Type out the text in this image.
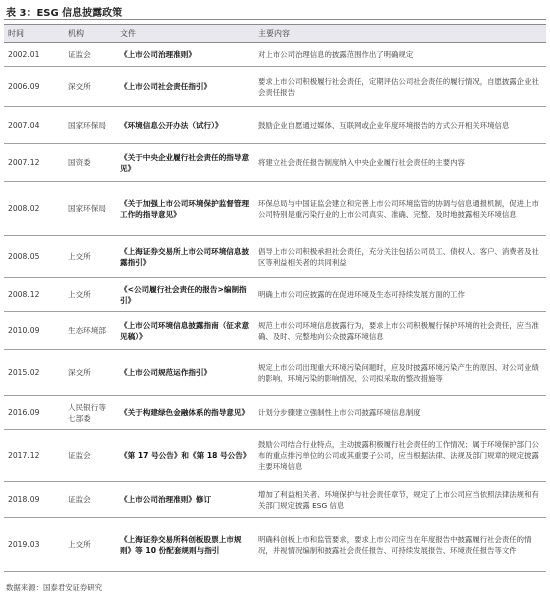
表 3：ESG 信息披露政策
时间	机构	文件	主要内容
2002.01	证监会	《上市公司治理准则》	对上市公司治理信息的披露范围作出了明确规定
2006.09	深交所	《上市公司社会责任指引》	要求上市公司积极履行社会责任，定期评估公司社会责任的履行情况，自愿披露企业社会责任报告
2007.04	国家环保局	《环境信息公开办法（试行）》	鼓励企业自愿通过媒体、互联网或企业年度环境报告的方式公开相关环境信息
2007.12	国资委	《关于中央企业履行社会责任的指导意见》	将建立社会责任报告制度纳入中央企业履行社会责任的主要内容
2008.02	国家环保局	《关于加强上市公司环境保护监督管理工作的指导意见》	环保总局与中国证监会建立和完善上市公司环境监管的协调与信息通报机制，促进上市公司特别是重污染行业的上市公司真实、准确、完整、及时地披露相关环境信息
2008.05	上交所	《上海证券交易所上市公司环境信息披露指引》	倡导上市公司积极承担社会责任，充分关注包括公司员工、债权人、客户、消费者及社区等利益相关者的共同利益
2008.12	上交所	《<公司履行社会责任的报告>编制指引》	明确上市公司应披露的在促进环境及生态可持续发展方面的工作
2010.09	生态环境部	《上市公司环境信息披露指南（征求意见稿）》	规范上市公司环境信息披露行为，要求上市公司积极履行保护环境的社会责任，应当准确、及时、完整地向公众披露环境信息
2015.02	深交所	《上市公司规范运作指引》	规定上市公司出现重大环境污染问题时，应及时披露环境污染产生的原因、对公司业绩的影响、环境污染的影响情况、公司拟采取的整改措施等
2016.09	人民银行等七部委	《关于构建绿色金融体系的指导意见》	计划分步骤建立强制性上市公司披露环境信息制度
2017.12	证监会	《第 17 号公告》和《第 18 号公告》	鼓励公司结合行业特点，主动披露积极履行社会责任的工作情况；属于环境保护部门公布的重点排污单位的公司或其重要子公司，应当根据法律、法规及部门规章的规定披露主要环境信息
2018.09	证监会	《上市公司治理准则》修订	增加了利益相关者、环境保护与社会责任章节，规定了上市公司应当依照法律法规和有关部门规定披露 ESG 信息
2019.03	上交所	《上海证券交易所科创板股票上市规则》等 10 份配套规则与指引	明确科创板上市和监管要求，要求上市公司应当在年度报告中披露履行社会责任的情况，并视情况编制和披露社会责任报告、可持续发展报告、环境责任报告等文件
数据来源：国泰君安证券研究
